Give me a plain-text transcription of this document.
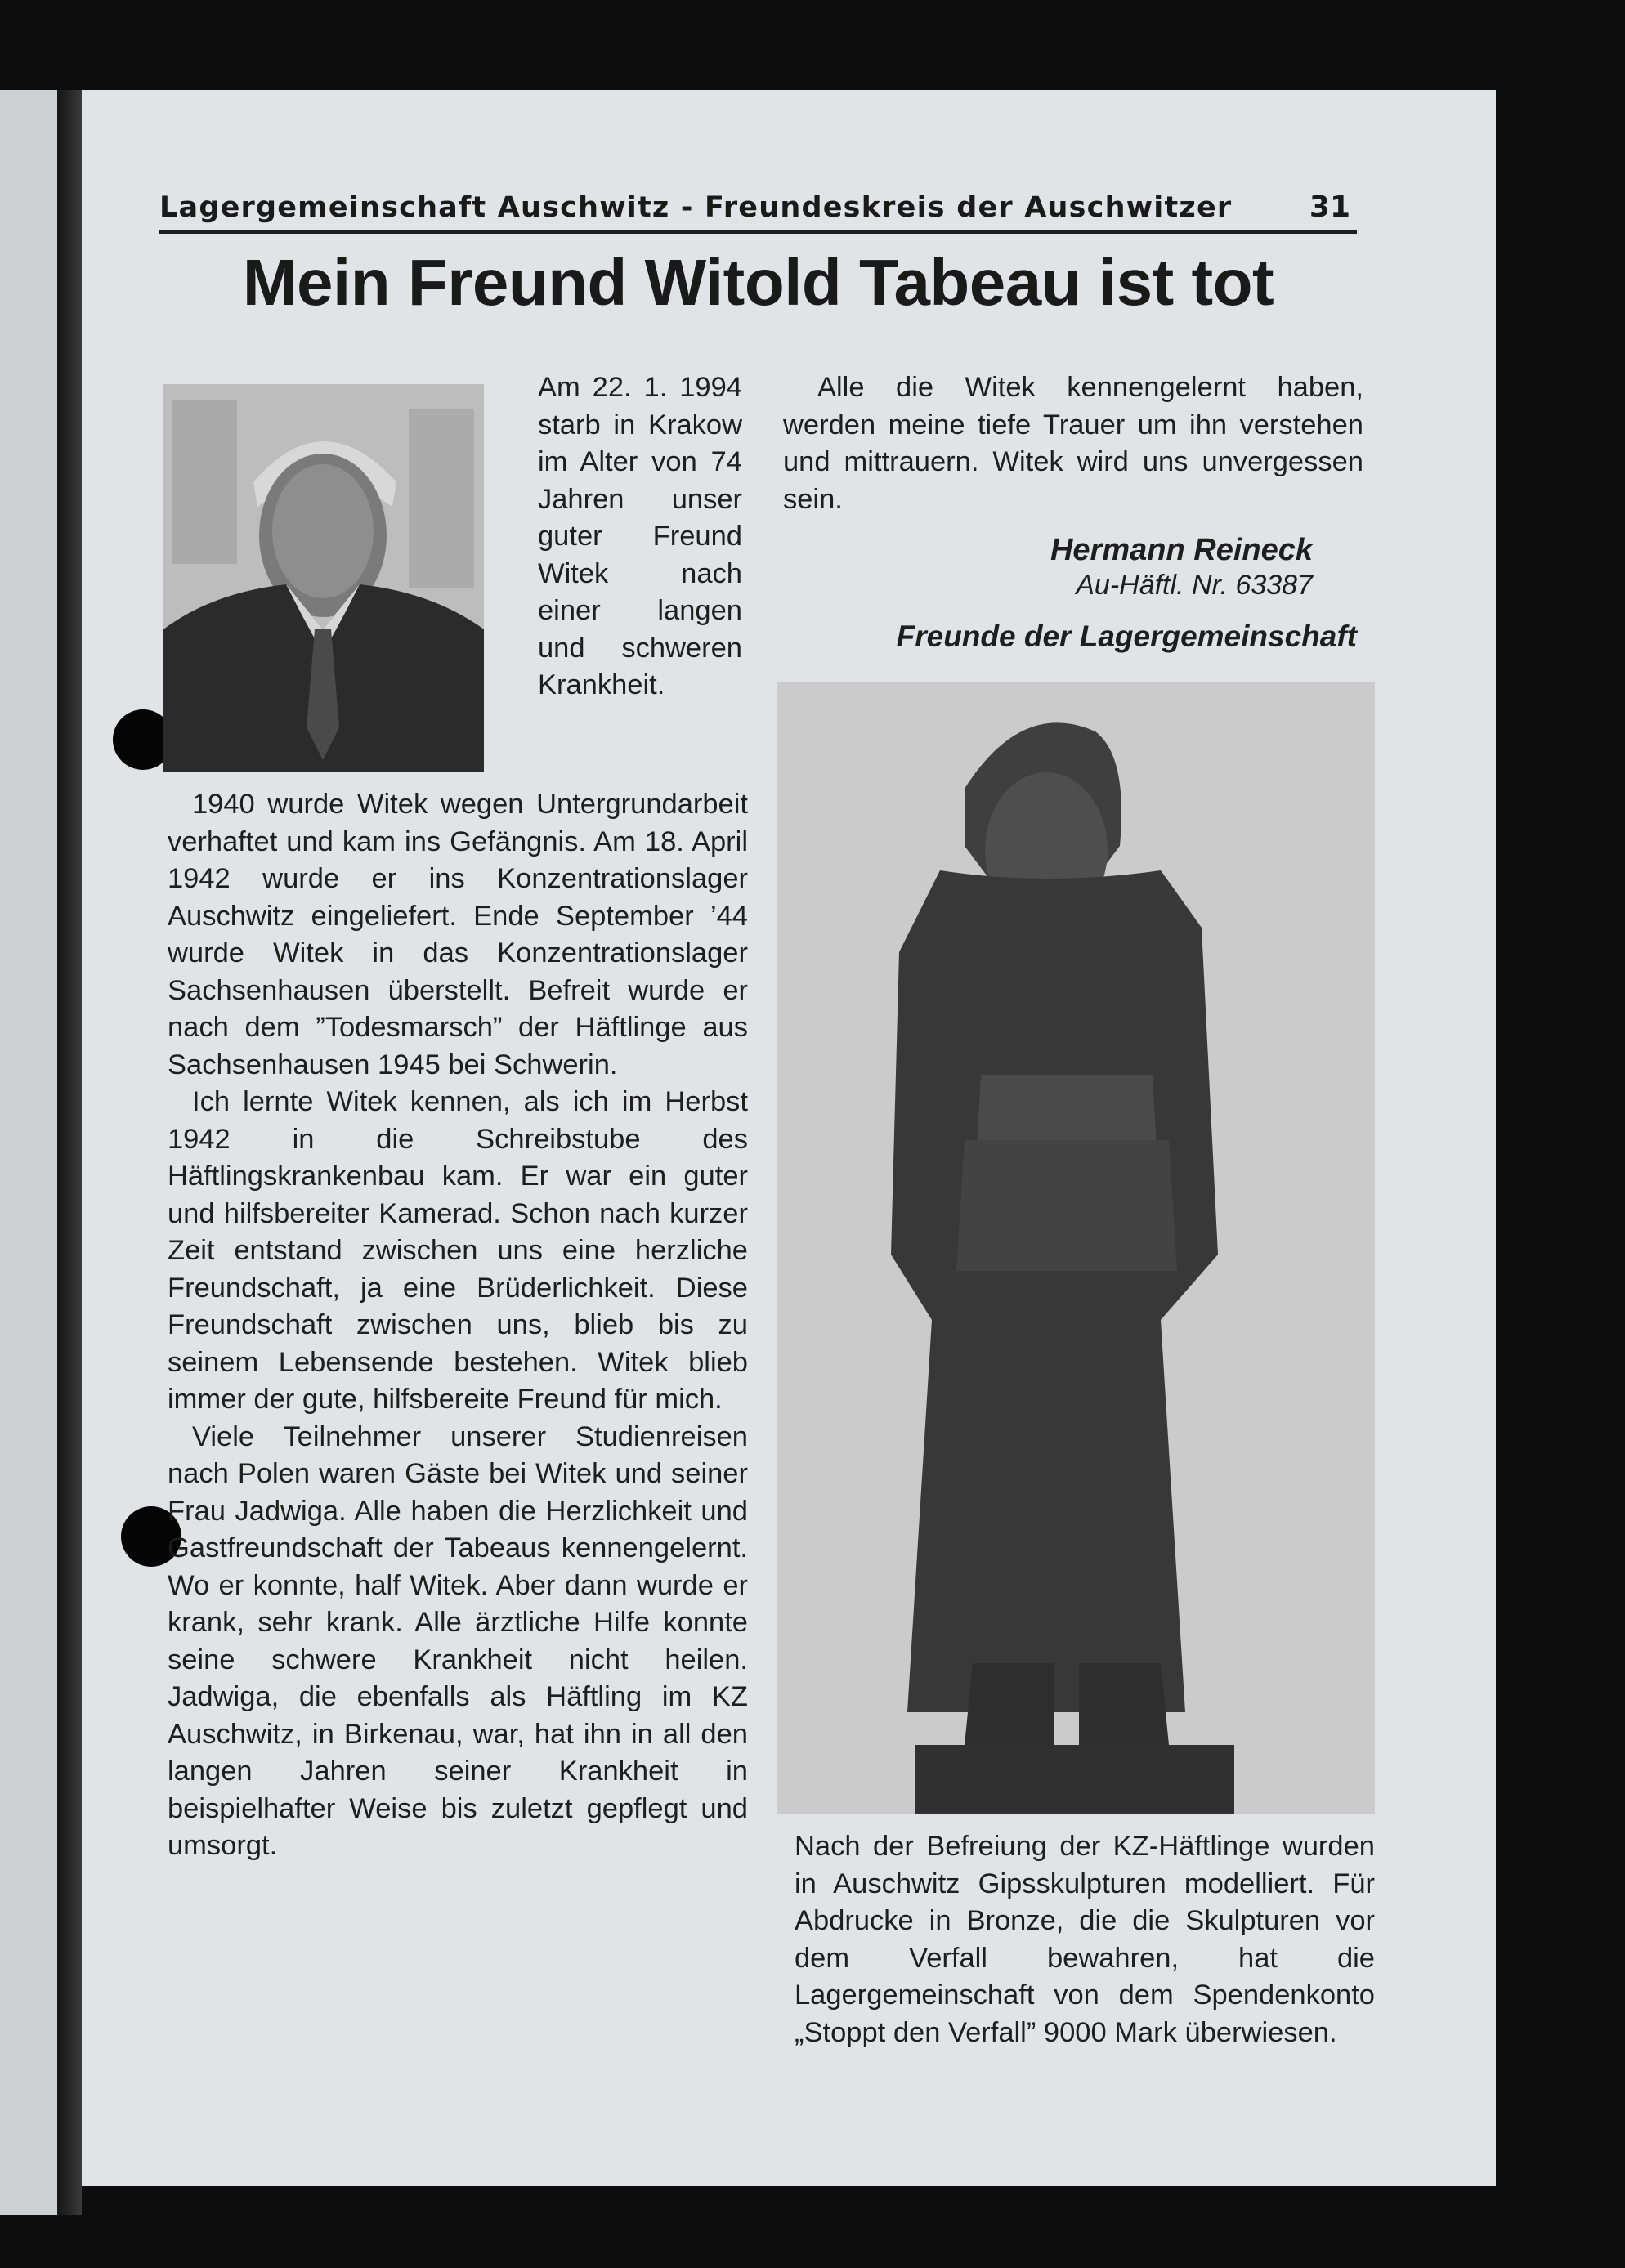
Lagergemeinschaft Auschwitz - Freundeskreis der Auschwitzer	31
Mein Freund Witold Tabeau ist tot

Am 22. 1. 1994 starb in Krakow im Alter von 74 Jahren unser guter Freund Witek nach einer langen und schweren Krankheit.

1940 wurde Witek wegen Untergrundarbeit verhaftet und kam ins Gefängnis. Am 18. April 1942 wurde er ins Konzentrationslager Auschwitz eingeliefert. Ende September ’44 wurde Witek in das Konzentrationslager Sachsenhausen überstellt. Befreit wurde er nach dem ”Todesmarsch” der Häftlinge aus Sachsenhausen 1945 bei Schwerin.

Ich lernte Witek kennen, als ich im Herbst 1942 in die Schreibstube des Häftlingskrankenbau kam. Er war ein guter und hilfsbereiter Kamerad. Schon nach kurzer Zeit entstand zwischen uns eine herzliche Freundschaft, ja eine Brüderlichkeit. Diese Freundschaft zwischen uns, blieb bis zu seinem Lebensende bestehen. Witek blieb immer der gute, hilfsbereite Freund für mich.

Viele Teilnehmer unserer Studienreisen nach Polen waren Gäste bei Witek und seiner Frau Jadwiga. Alle haben die Herzlichkeit und Gastfreundschaft der Tabeaus kennengelernt. Wo er konnte, half Witek. Aber dann wurde er krank, sehr krank. Alle ärztliche Hilfe konnte seine schwere Krankheit nicht heilen. Jadwiga, die ebenfalls als Häftling im KZ Auschwitz, in Birkenau, war, hat ihn in all den langen Jahren seiner Krankheit in beispielhafter Weise bis zuletzt gepflegt und umsorgt.

Alle die Witek kennengelernt haben, werden meine tiefe Trauer um ihn verstehen und mittrauern. Witek wird uns unvergessen sein.

Hermann Reineck

Au-Häftl. Nr. 63387

Freunde der Lagergemeinschaft

Nach der Befreiung der KZ-Häftlinge wurden in Auschwitz Gipsskulpturen modelliert. Für Abdrucke in Bronze, die die Skulpturen vor dem Verfall bewahren, hat die Lagergemeinschaft von dem Spendenkonto „Stoppt den Verfall” 9000 Mark überwiesen.
